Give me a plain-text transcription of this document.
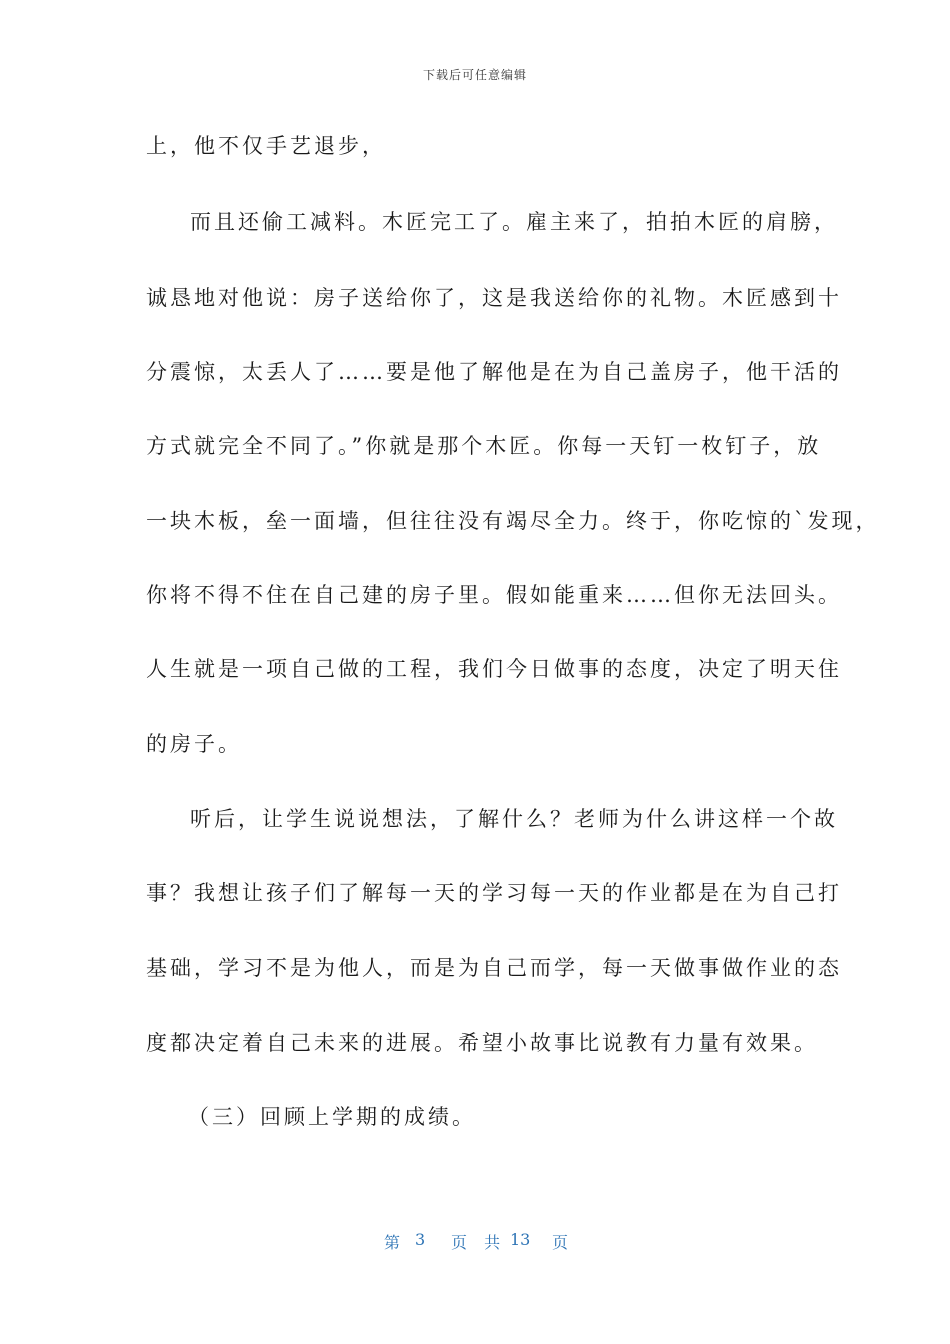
下载后可任意编辑
上，他不仅手艺退步，
而且还偷工减料。木匠完工了。雇主来了，拍拍木匠的肩膀，
诚恳地对他说：房子送给你了，这是我送给你的礼物。木匠感到十
分震惊，太丢人了……要是他了解他是在为自己盖房子，他干活的
方式就完全不同了。”你就是那个木匠。你每一天钉一枚钉子，放
一块木板，垒一面墙，但往往没有竭尽全力。终于，你吃惊的`发现，
你将不得不住在自己建的房子里。假如能重来……但你无法回头。
人生就是一项自己做的工程，我们今日做事的态度，决定了明天住
的房子。
听后，让学生说说想法，了解什么？老师为什么讲这样一个故
事？我想让孩子们了解每一天的学习每一天的作业都是在为自己打
基础，学习不是为他人，而是为自己而学，每一天做事做作业的态
度都决定着自己未来的进展。希望小故事比说教有力量有效果。
（三）回顾上学期的成绩。
第 3 页 共 13 页
